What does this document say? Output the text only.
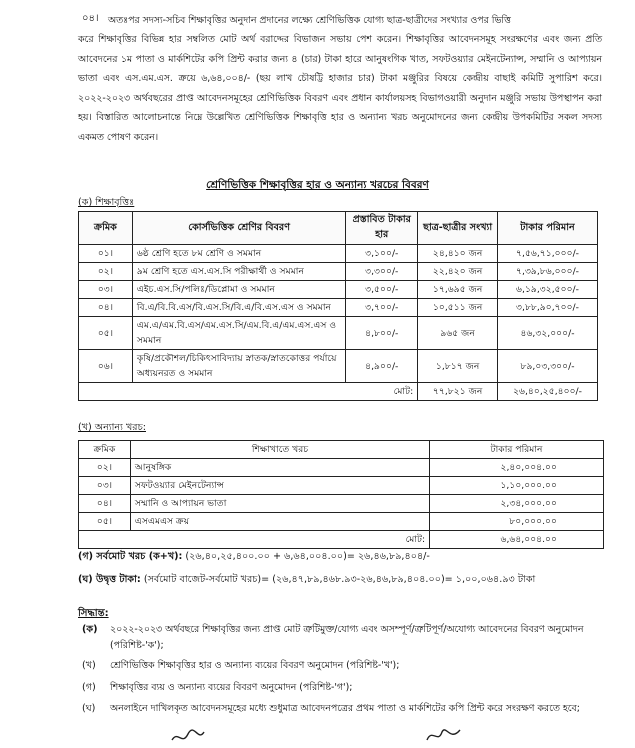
০৪। অতঃপর সদস্য-সচিব শিক্ষাবৃত্তির অনুদান প্রদানের লক্ষ্যে শ্রেণিভিত্তিক যোগ্য ছাত্র-ছাত্রীদের সংখ্যার ওপর ভিত্তি
করে শিক্ষাবৃত্তির বিভিন্ন হার সম্বলিত মোট অর্থ বরাদ্দের বিভাজন সভায় পেশ করেন। শিক্ষাবৃত্তির আবেদনসমূহ সংরক্ষণের এবং জন্য প্রতি আবেদনের ১ম পাতা ও মার্কশিটের কপি প্রিন্ট করার জন্য ৪ (চার) টাকা হারে আনুষংগিক খাত, সফটওয়্যার মেইনটেন্যান্স, সম্মানি ও আপ্যায়ন ভাতা এবং এস.এম.এস. ক্রয়ে ৬,৬৪,০০৪/- (ছয় লাখ চৌষট্টি হাজার চার) টাকা মঞ্জুরির বিষয়ে কেন্দ্রীয় বাছাই কমিটি সুপারিশ করে। ২০২২-২০২৩ অর্থবছরের প্রাপ্ত আবেদনসমূহের শ্রেণিভিত্তিক বিবরণ এবং প্রধান কার্যালয়সহ বিভাগওয়ারী অনুদান মঞ্জুরি সভায় উপস্থাপন করা হয়। বিস্তারিত আলোচনান্তে নিম্নে উল্লেখিত শ্রেণিভিত্তিক শিক্ষাবৃত্তি হার ও অন্যান্য খরচ অনুমোদনের জন্য কেন্দ্রীয় উপকমিটির সকল সদস্য একমত পোষণ করেন।
শ্রেণিভিত্তিক শিক্ষাবৃত্তির হার ও অন্যান্য খরচের বিবরণ
(ক) শিক্ষাবৃত্তিঃ
ক্রমিক	কোর্সভিত্তিক শ্রেণির বিবরণ	প্রস্তাবিত টাকার হার	ছাত্র-ছাত্রীর সংখ্যা	টাকার পরিমান
০১।	৬ষ্ঠ শ্রেণি হতে ৮ম শ্রেণি ও সমমান	৩,১০০/-	২৪,৪১০ জন	৭,৫৬,৭১,০০০/-
০২।	৯ম শ্রেণি হতে এস.এস.সি পরীক্ষার্থী ও সমমান	৩,৩০০/-	২২,৪২০ জন	৭,৩৯,৮৬,০০০/-
০৩।	এইচ.এস.সি/পলিঃ/ডিপ্লোমা ও সমমান	৩,৫০০/-	১৭,৬৯৫ জন	৬,১৯,৩২,৫০০/-
০৪।	বি.এ/বি.বি.এস/বি.এস.সি/বি.এ/বি.এস.এস ও সমমান	৩,৭০০/-	১০,৫১১ জন	৩,৮৮,৯০,৭০০/-
০৫।	এম.এ/এম.বি.এস/এম.এস.সি/এম.বি.এ/এম.এস.এস ও সমমান	৪,৮০০/-	৯৬৫ জন	৪৬,৩২,০০০/-
০৬।	কৃষি/প্রকৌশল/চিকিৎসাবিদ্যায় স্নাতক/স্নাতকোত্তর পর্যায়ে অধ্যয়নরত ও সমমান	৪,৯০০/-	১,৮১৭ জন	৮৯,০৩,৩০০/-
মোট:			৭৭,৮২১ জন	২৬,৪০,২৫,৪০০/-
(খ) অন্যান্য খরচ:
ক্রমিক	শিক্ষাখাতে খরচ	টাকার পরিমান
০২।	আনুষঙ্গিক	২,৪০,০০৪.০০
০৩।	সফটওয়্যার মেইনটেন্যান্স	১,১০,০০০.০০
০৪।	সম্মানি ও আপ্যায়ন ভাতা	২,৩৪,০০০.০০
০৫।	এসএমএস ক্রয়	৮০,০০০.০০
মোট:		৬,৬৪,০০৪.০০
(গ) সর্বমোট খরচ (ক+খ): (২৬,৪০,২৫,৪০০.০০ + ৬,৬৪,০০৪.০০)= ২৬,৪৬,৮৯,৪০৪/-
(ঘ) উদ্বৃত্ত টাকা: (সর্বমোট বাজেট-সর্বমোট খরচ)= (২৬,৪৭,৮৯,৪৬৮.৯৩-২৬,৪৬,৮৯,৪০৪.০০)= ১,০০,০৬৪.৯৩ টাকা
সিদ্ধান্ত:
(ক) ২০২২-২০২৩ অর্থবছরে শিক্ষাবৃত্তির জন্য প্রাপ্ত মোট ত্রুটিমুক্ত/যোগ্য এবং অসম্পূর্ণ/ত্রুটিপূর্ণ/অযোগ্য আবেদনের বিবরণ অনুমোদন (পরিশিষ্ট-'ক');
(খ) শ্রেণিভিত্তিক শিক্ষাবৃত্তির হার ও অন্যান্য ব্যয়ের বিবরণ অনুমোদন (পরিশিষ্ট-'খ');
(গ) শিক্ষাবৃত্তির ব্যয় ও অন্যান্য ব্যয়ের বিবরণ অনুমোদন (পরিশিষ্ট-'গ');
(ঘ) অনলাইনে দাখিলকৃত আবেদনসমূহের মধ্যে শুধুমাত্র আবেদনপত্রের প্রথম পাতা ও মার্কশিটের কপি প্রিন্ট করে সংরক্ষণ করতে হবে;
